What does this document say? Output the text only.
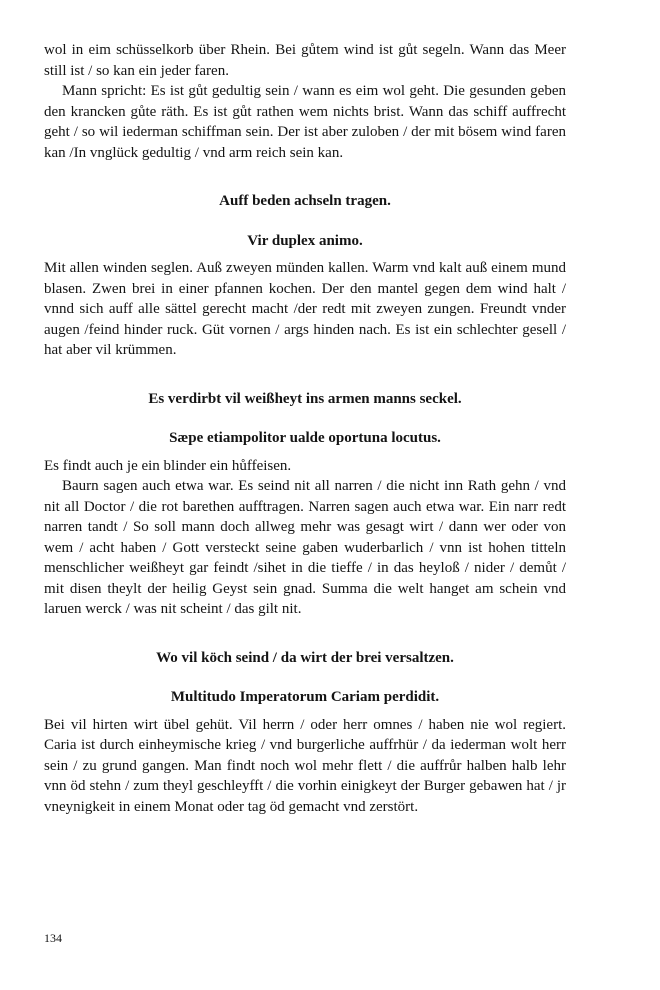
wol in eim schüsselkorb über Rhein. Bei gůtem wind ist gůt segeln. Wann das Meer still ist / so kan ein jeder faren.

Mann spricht: Es ist gůt gedultig sein / wann es eim wol geht. Die gesunden geben den krancken gůte räth. Es ist gůt rathen wem nichts brist. Wann das schiff auffrecht geht / so wil iederman schiffman sein. Der ist aber zuloben / der mit bösem wind faren kan /In vnglück gedultig / vnd arm reich sein kan.

Auff beden achseln tragen.

Vir duplex animo.

Mit allen winden seglen. Auß zweyen münden kallen. Warm vnd kalt auß einem mund blasen. Zwen brei in einer pfannen kochen. Der den mantel gegen dem wind halt / vnnd sich auff alle sättel gerecht macht /der redt mit zweyen zungen. Freundt vnder augen /feind hinder ruck. Güt vornen / args hinden nach. Es ist ein schlechter gesell / hat aber vil krümmen.

Es verdirbt vil weißheyt ins armen manns seckel.

Sæpe etiampolitor ualde oportuna locutus.

Es findt auch je ein blinder ein hůffeisen.

Baurn sagen auch etwa war. Es seind nit all narren / die nicht inn Rath gehn / vnd nit all Doctor / die rot barethen aufftragen. Narren sagen auch etwa war. Ein narr redt narren tandt / So soll mann doch allweg mehr was gesagt wirt / dann wer oder von wem / acht haben / Gott versteckt seine gaben wuderbarlich / vnn ist hohen titteln menschlicher weißheyt gar feindt /sihet in die tieffe / in das heyloß / nider / demůt / mit disen theylt der heilig Geyst sein gnad. Summa die welt hanget am schein vnd laruen werck / was nit scheint / das gilt nit.

Wo vil köch seind / da wirt der brei versaltzen.

Multitudo Imperatorum Cariam perdidit.

Bei vil hirten wirt übel gehüt. Vil herrn / oder herr omnes / haben nie wol regiert. Caria ist durch einheymische krieg / vnd burgerliche auffrhür / da iederman wolt herr sein / zu grund gangen. Man findt noch wol mehr flett / die auffrůr halben halb lehr vnn öd stehn / zum theyl geschleyfft / die vorhin einigkeyt der Burger gebawen hat / jr vneynigkeit in einem Monat oder tag öd gemacht vnd zerstört.

134
